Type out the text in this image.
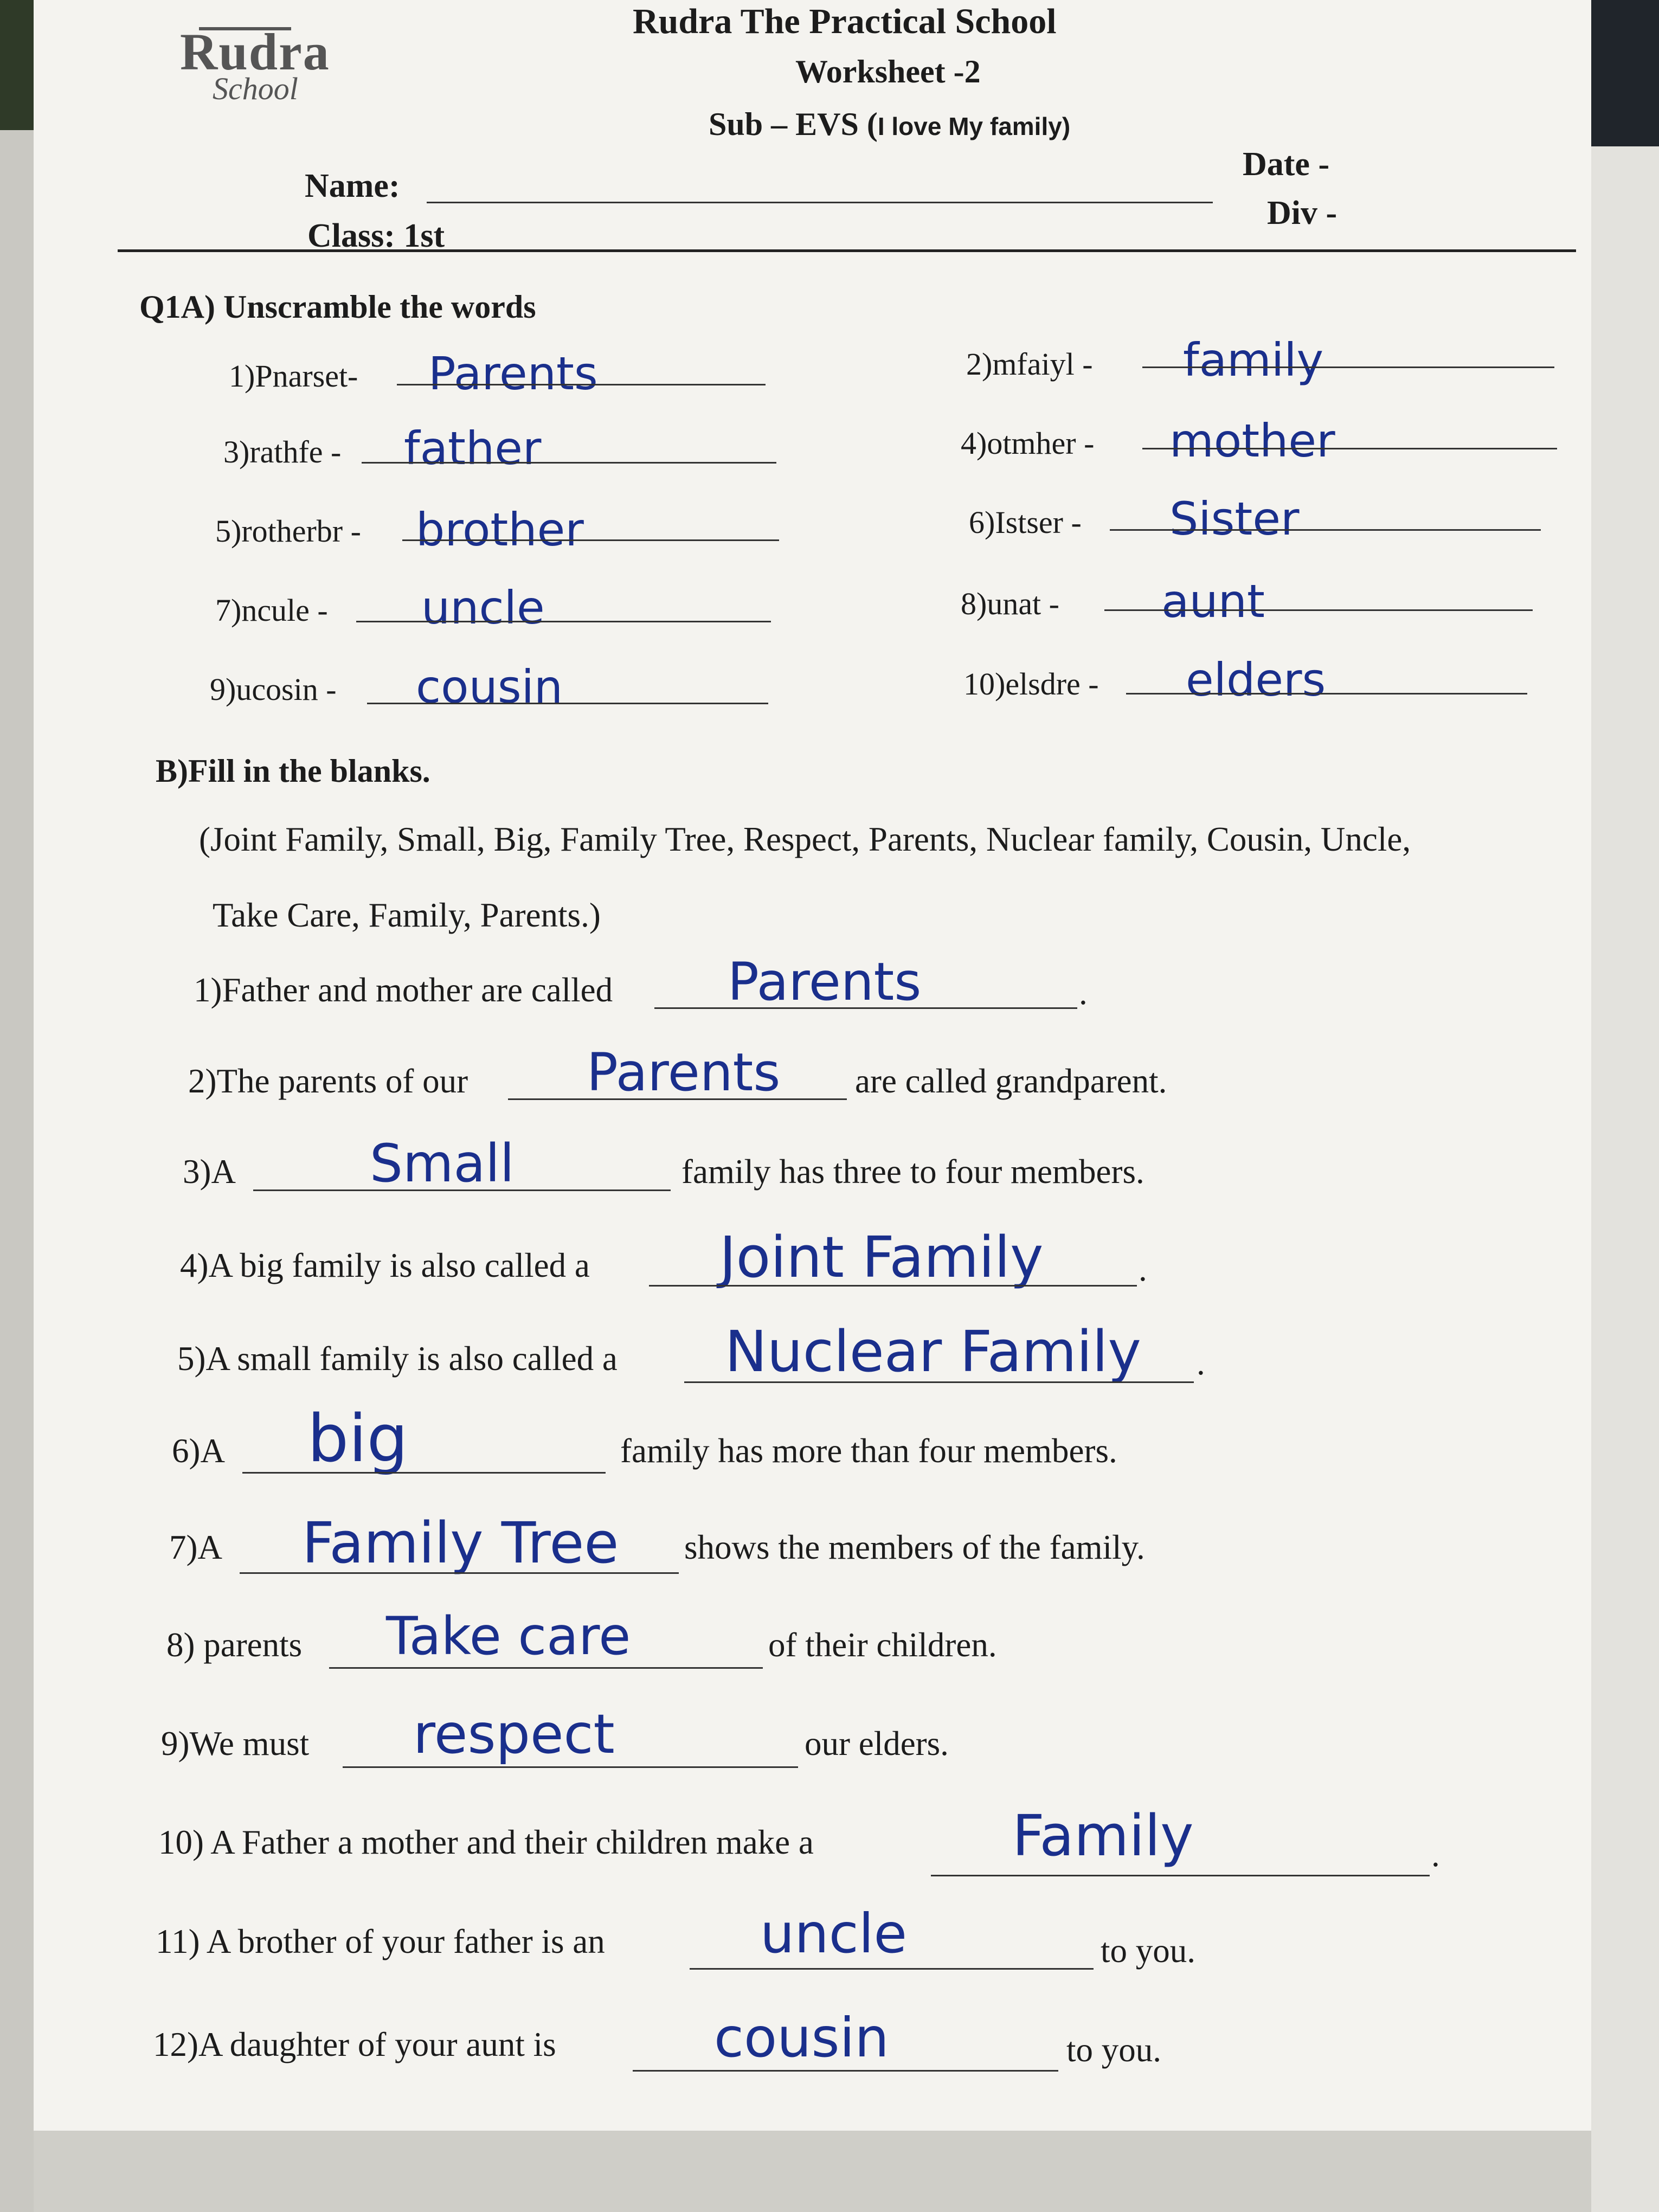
Rudra
School
Rudra The Practical School
Worksheet -2
Sub – EVS (I love My family)
Name:
Date -
Div -
Class: 1st
Q1A) Unscramble the words
1)Pnarset- Parents	2)mfaiyl - family
3)rathfe - father	4)otmher - mother
5)rotherbr - brother	6)Istser - Sister
7)ncule - uncle	8)unat - aunt
9)ucosin - cousin	10)elsdre - elders
B)Fill in the blanks.
(Joint Family, Small, Big, Family Tree, Respect, Parents, Nuclear family, Cousin, Uncle,
Take Care, Family, Parents.)
1)Father and mother are called Parents	.
2)The parents of our Parents are called grandparent.
3)A	Small	family has three to four members.
4)A big family is also called a Joint Family	.
5)A small family is also called a Nuclear Family .
6)A big	family has more than four members.
7)A Family Tree shows the members of the family.
8) parents Take care	of their children.
9)We must respect	our elders.
10) A Father a mother and their children make a	Family	.
11) A brother of your father is an	uncle	to you.
12)A daughter of your aunt is	cousin	to you.
